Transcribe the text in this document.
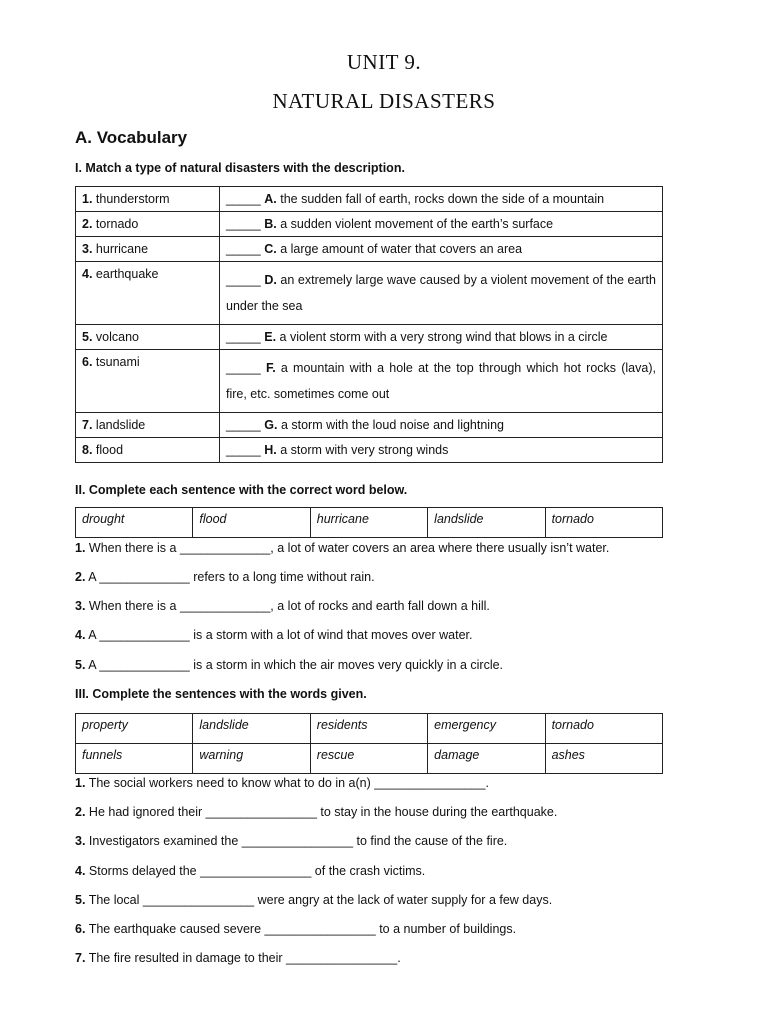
UNIT 9.
NATURAL DISASTERS
A. Vocabulary
I. Match a type of natural disasters with the description.
1. thunderstorm	_____ A. the sudden fall of earth, rocks down the side of a mountain
2. tornado	_____ B. a sudden violent movement of the earth’s surface
3. hurricane	_____ C. a large amount of water that covers an area
4. earthquake	_____ D. an extremely large wave caused by a violent movement of the earth under the sea
5. volcano	_____ E. a violent storm with a very strong wind that blows in a circle
6. tsunami	_____ F. a mountain with a hole at the top through which hot rocks (lava), fire, etc. sometimes come out
7. landslide	_____ G. a storm with the loud noise and lightning
8. flood	_____ H. a storm with very strong winds
II. Complete each sentence with the correct word below.
drought	flood	hurricane	landslide	tornado
1. When there is a _____________, a lot of water covers an area where there usually isn’t water.
2. A _____________ refers to a long time without rain.
3. When there is a _____________, a lot of rocks and earth fall down a hill.
4. A _____________ is a storm with a lot of wind that moves over water.
5. A _____________ is a storm in which the air moves very quickly in a circle.
III. Complete the sentences with the words given.
property	landslide	residents	emergency	tornado
funnels	warning	rescue	damage	ashes
1. The social workers need to know what to do in a(n) ________________.
2. He had ignored their ________________ to stay in the house during the earthquake.
3. Investigators examined the ________________ to find the cause of the fire.
4. Storms delayed the ________________ of the crash victims.
5. The local ________________ were angry at the lack of water supply for a few days.
6. The earthquake caused severe ________________ to a number of buildings.
7. The fire resulted in damage to their ________________.
